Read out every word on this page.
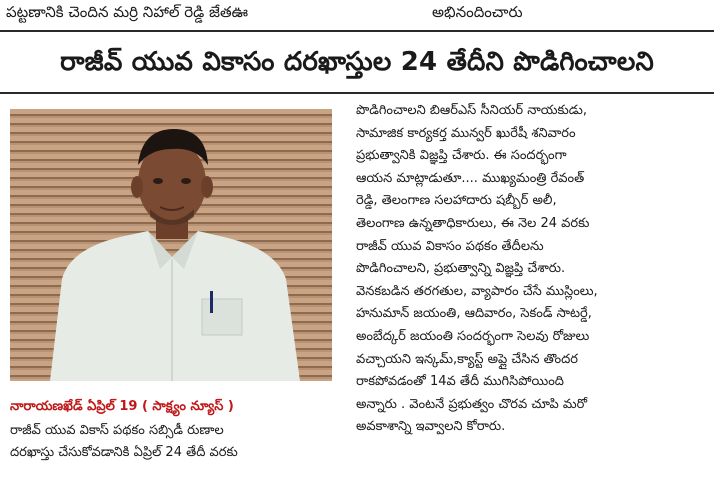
పట్టణానికి చెందిన మర్రి నిహాల్ రెడ్డి జేతఊ	అభినందించారు
రాజీవ్ యువ వికాసం దరఖాస్తుల 24 తేదీని పొడిగించాలని
నారాయణఖేడ్ ఏప్రిల్ 19 ( సాక్ష్యం న్యూస్ )

రాజీవ్ యువ వికాస్ పథకం సబ్సిడీ రుణాల

దరఖాస్తు చేసుకోవడానికి ఏప్రిల్ 24 తేదీ వరకు

పొడిగించాలని బిఆర్ఎస్ సీనియర్ నాయకుడు,

సామాజిక కార్యకర్త మున్వర్ ఖురేషీ శనివారం

ప్రభుత్వానికి విజ్ఞప్తి చేశారు. ఈ సందర్భంగా

ఆయన మాట్లాడుతూ.... ముఖ్యమంత్రి రేవంత్

రెడ్డి, తెలంగాణ సలహాదారు షబ్బీర్ అలీ,

తెలంగాణ ఉన్నతాధికారులు, ఈ నెల 24 వరకు

రాజీవ్ యువ వికాసం పథకం తేదీలను

పొడిగించాలని, ప్రభుత్వాన్ని విజ్ఞప్తి చేశారు.

వెనకబడిన తరగతుల, వ్యాపారం చేసే ముస్లింలు,

హనుమాన్ జయంతి, ఆదివారం, సెకండ్ సాటర్డే,

అంబేద్కర్ జయంతి సందర్భంగా సెలవు రోజులు

వచ్చాయని ఇన్కమ్,క్యాస్ట్ అప్లై చేసిన తొందర

రాకపోవడంతో 14వ తేదీ ముగిసిపోయింది

అన్నారు . వెంటనే ప్రభుత్వం చొరవ చూపి మరో

అవకాశాన్ని ఇవ్వాలని కోరారు.
